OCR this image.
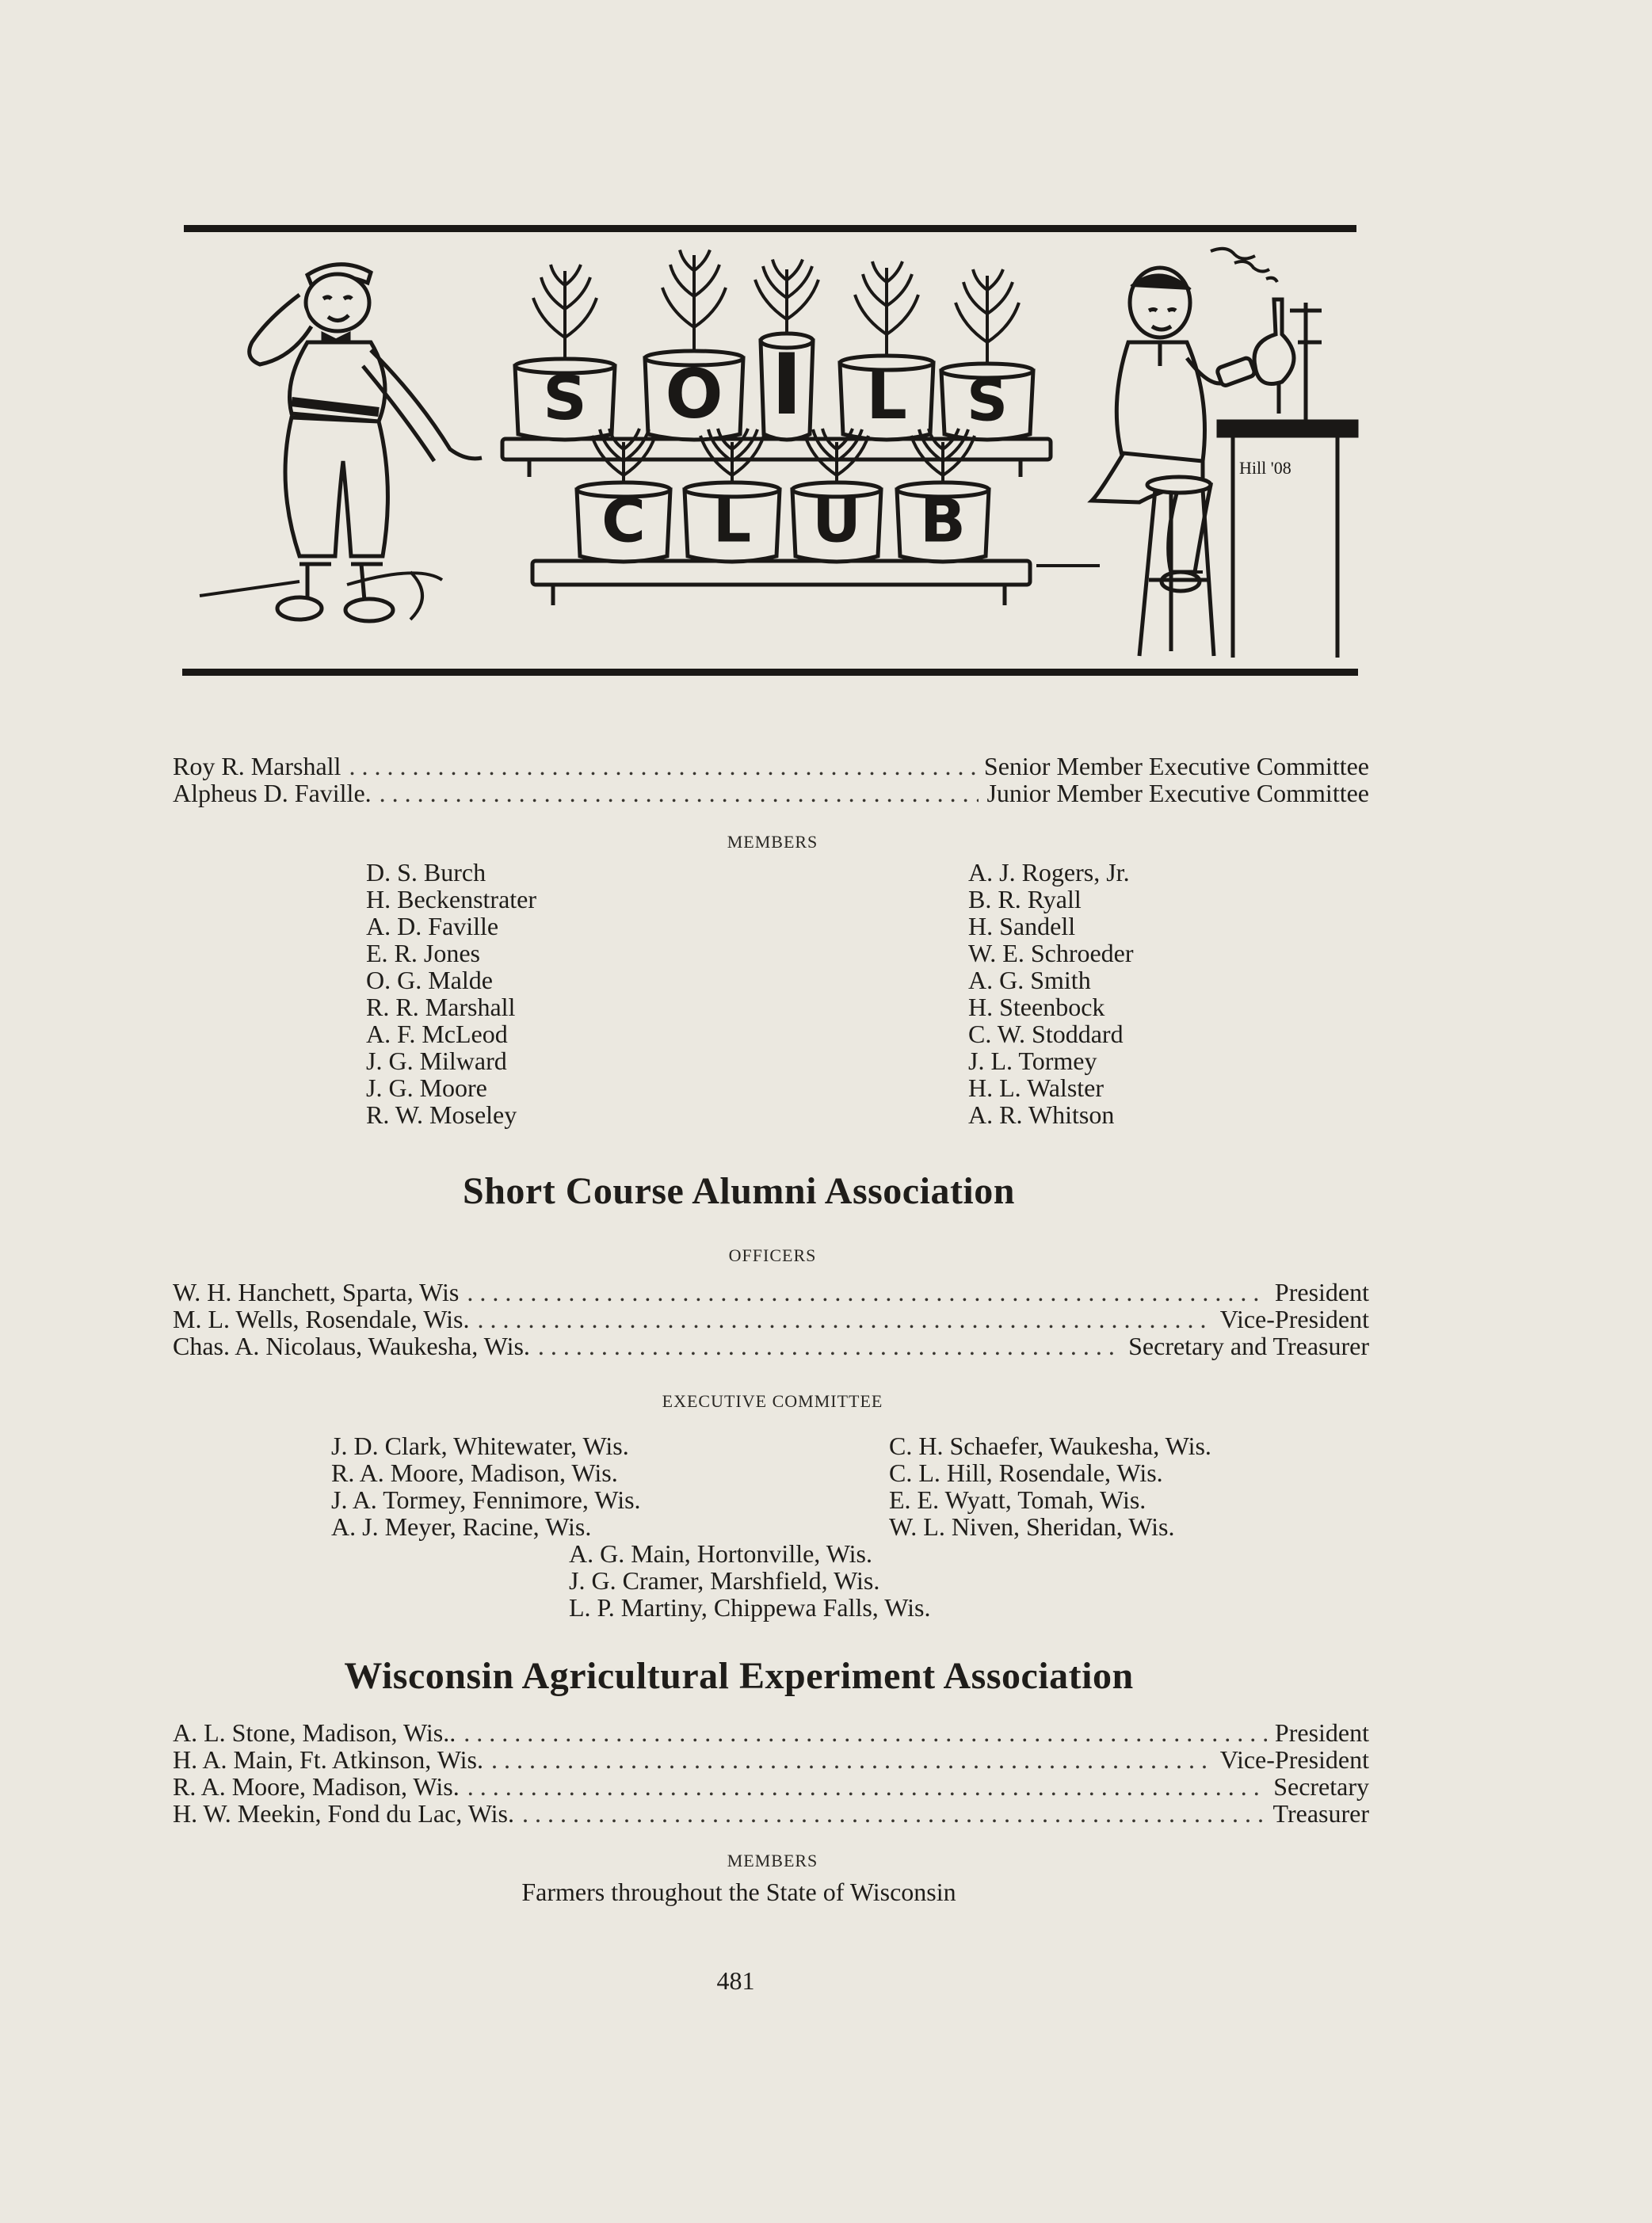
S O I L S
C L U B
Hill '08
Roy R. Marshall . . .	Senior Member Executive Committee
Alpheus D. Faville. . . .	Junior Member Executive Committee
MEMBERS
D. S. Burch
H. Beckenstrater
A. D. Faville
E. R. Jones
O. G. Malde
R. R. Marshall
A. F. McLeod
J. G. Milward
J. G. Moore
R. W. Moseley
A. J. Rogers, Jr.
B. R. Ryall
H. Sandell
W. E. Schroeder
A. G. Smith
H. Steenbock
C. W. Stoddard
J. L. Tormey
H. L. Walster
A. R. Whitson
Short Course Alumni Association
OFFICERS
W. H. Hanchett, Sparta, Wis . . .	President
M. L. Wells, Rosendale, Wis. . . .	Vice-President
Chas. A. Nicolaus, Waukesha, Wis. . . .	Secretary and Treasurer
EXECUTIVE COMMITTEE
J. D. Clark, Whitewater, Wis.
R. A. Moore, Madison, Wis.
J. A. Tormey, Fennimore, Wis.
A. J. Meyer, Racine, Wis.
C. H. Schaefer, Waukesha, Wis.
C. L. Hill, Rosendale, Wis.
E. E. Wyatt, Tomah, Wis.
W. L. Niven, Sheridan, Wis.
A. G. Main, Hortonville, Wis.
J. G. Cramer, Marshfield, Wis.
L. P. Martiny, Chippewa Falls, Wis.
Wisconsin Agricultural Experiment Association
A. L. Stone, Madison, Wis.. . . .	President
H. A. Main, Ft. Atkinson, Wis. . . .	Vice-President
R. A. Moore, Madison, Wis. . . .	Secretary
H. W. Meekin, Fond du Lac, Wis. . . .	Treasurer
MEMBERS
Farmers throughout the State of Wisconsin
481
